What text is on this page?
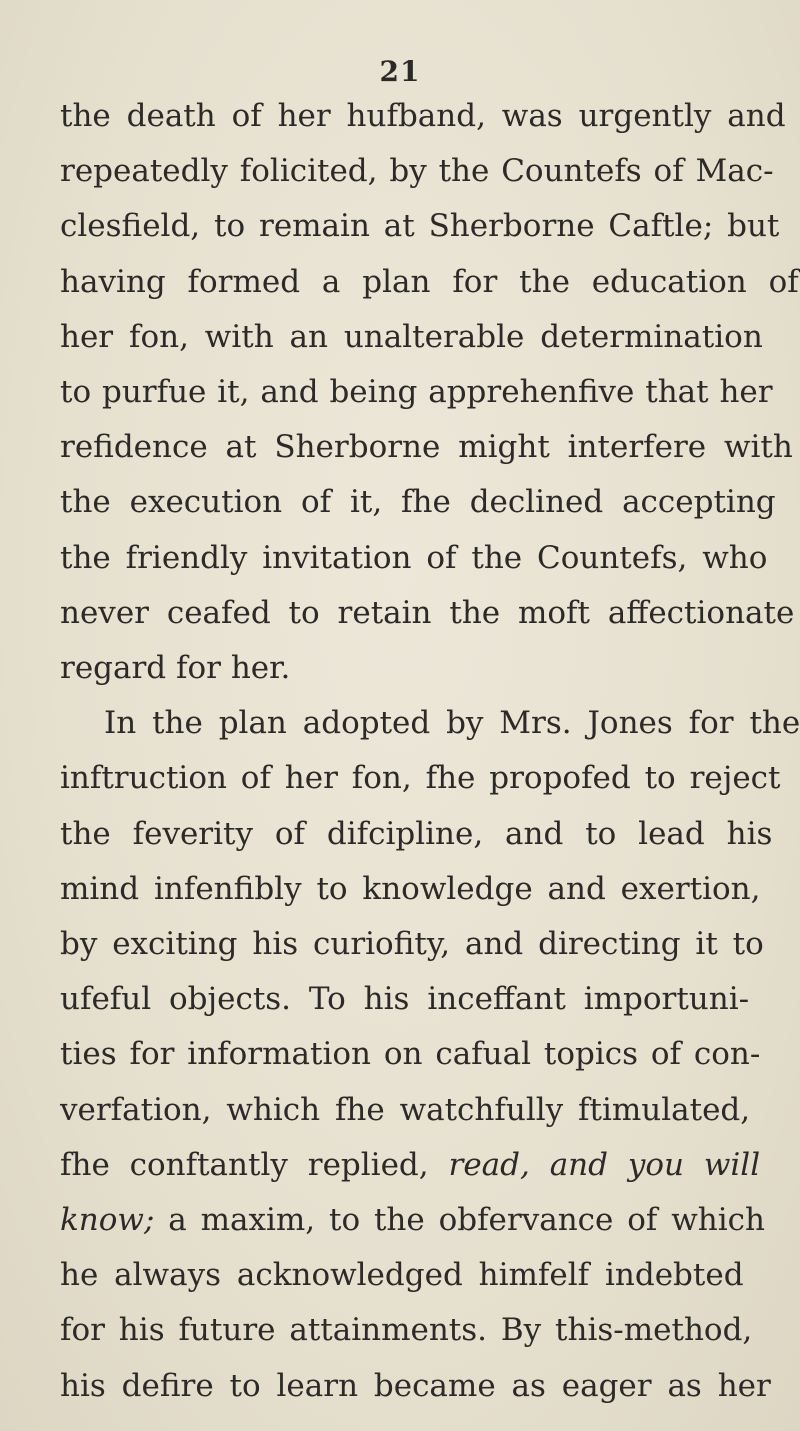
21
the death of her hufband, was urgently and
repeatedly folicited, by the Countefs of Mac-
clesfield, to remain at Sherborne Caftle; but
having formed a plan for the education of
her fon, with an unalterable determination
to purfue it, and being apprehenfive that her
refidence at Sherborne might interfere with
the execution of it, fhe declined accepting
the friendly invitation of the Countefs, who
never ceafed to retain the moft affectionate
regard for her.
In the plan adopted by Mrs. Jones for the
inftruction of her fon, fhe propofed to reject
the feverity of difcipline, and to lead his
mind infenfibly to knowledge and exertion,
by exciting his curiofity, and directing it to
ufeful objects. To his inceffant importuni-
ties for information on cafual topics of con-
verfation, which fhe watchfully ftimulated,
fhe conftantly replied, read, and you will
know; a maxim, to the obfervance of which
he always acknowledged himfelf indebted
for his future attainments. By this-method,
his defire to learn became as eager as her
